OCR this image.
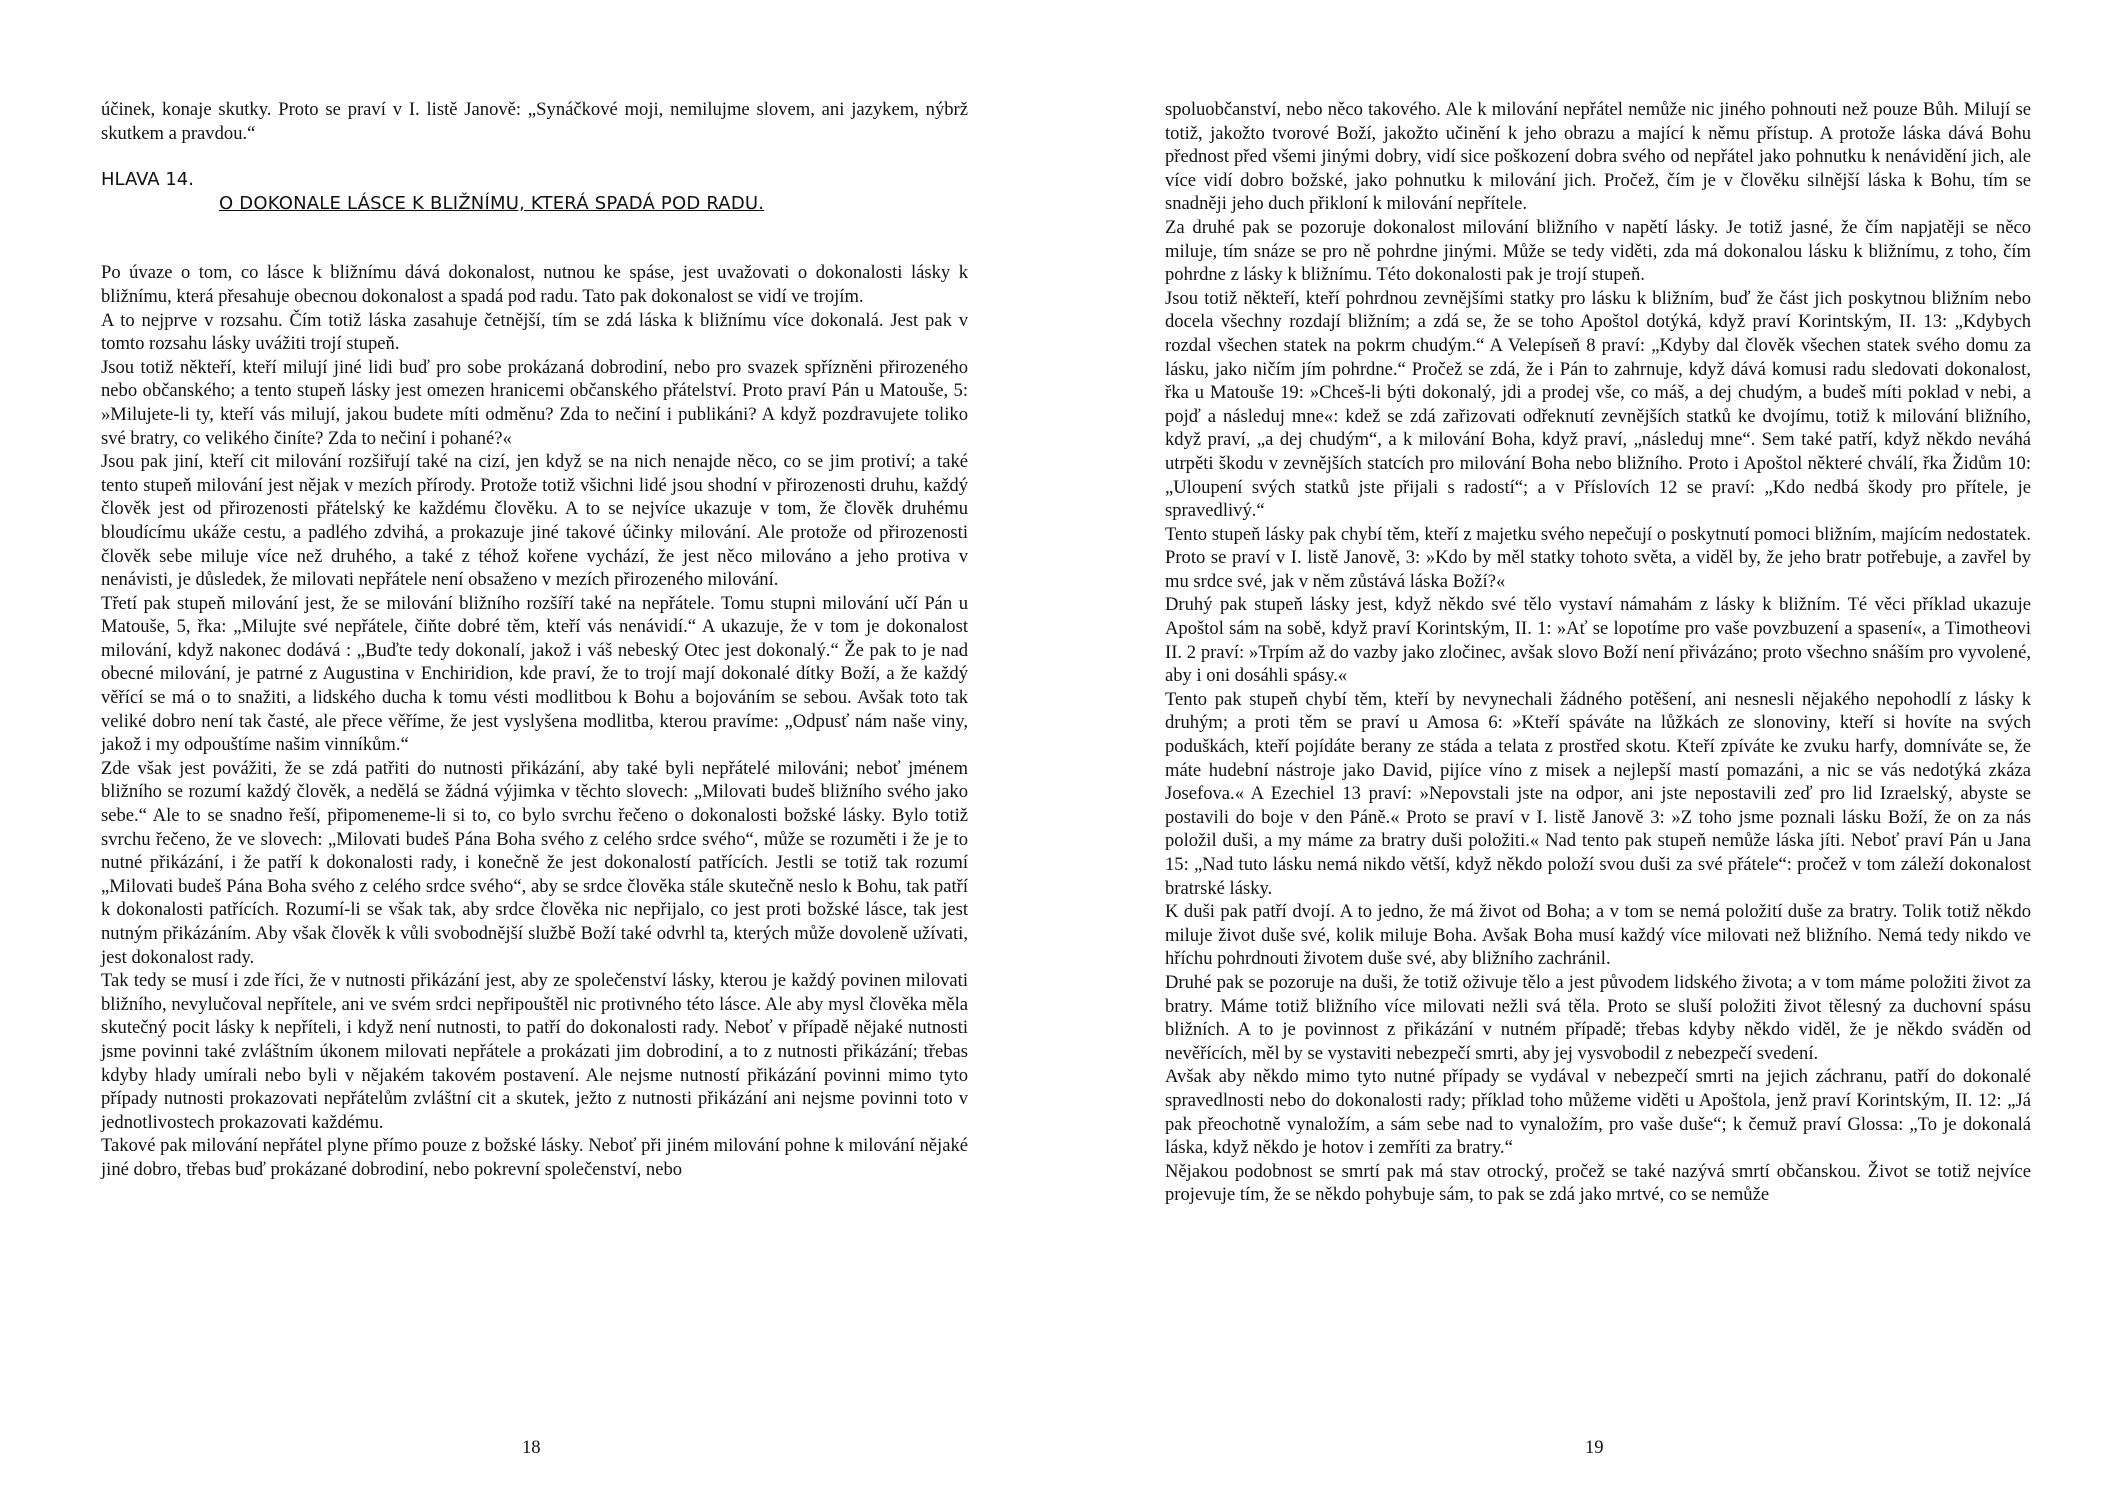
účinek, konaje skutky. Proto se praví v I. listě Janově: „Synáčkové moji, nemilujme slovem, ani jazykem, nýbrž skutkem a pravdou.“

HLAVA 14.

O DOKONALE LÁSCE K BLIŽNÍMU, KTERÁ SPADÁ POD RADU.

Po úvaze o tom, co lásce k bližnímu dává dokonalost, nutnou ke spáse, jest uvažovati o dokonalosti lásky k bližnímu, která přesahuje obecnou dokonalost a spadá pod radu. Tato pak dokonalost se vidí ve trojím.

A to nejprve v rozsahu. Čím totiž láska zasahuje četnější, tím se zdá láska k bližnímu více dokonalá. Jest pak v tomto rozsahu lásky uvážiti trojí stupeň.

Jsou totiž někteří, kteří milují jiné lidi buď pro sobe prokázaná dobrodiní, nebo pro svazek spřízněnі přirozeného nebo občanského; a tento stupeň lásky jest omezen hranicemi občanského přátelství. Proto praví Pán u Matouše, 5: »Milujete-li ty, kteří vás milují, jakou budete míti odměnu? Zda to nečiní i publikáni? A když pozdravujete toliko své bratry, co velikého činíte? Zda to nečiní i pohané?«

Jsou pak jiní, kteří cit milování rozšiřují také na cizí, jen když se na nich nenajde něco, co se jim protiví; a také tento stupeň milování jest nějak v mezích přírody. Protože totiž všichni lidé jsou shodní v přirozenosti druhu, každý člověk jest od přirozenosti přátelský ke každému člověku. A to se nejvíce ukazuje v tom, že člověk druhému bloudícímu ukáže cestu, a padlého zdvihá, a prokazuje jiné takové účinky milování. Ale protože od přirozenosti člověk sebe miluje více než druhého, a také z téhož kořene vychází, že jest něco milováno a jeho protiva v nenávisti, je důsledek, že milovati nepřátele není obsaženo v mezích přirozeného milování.

Třetí pak stupeň milování jest, že se milování bližního rozšíří také na nepřátele. Tomu stupni milování učí Pán u Matouše, 5, řka: „Milujte své nepřátele, čiňte dobré těm, kteří vás nenávidí.“ A ukazuje, že v tom je dokonalost milování, když nakonec dodává : „Buďte tedy dokonalí, jakož i váš nebeský Otec jest dokonalý.“ Že pak to je nad obecné milování, je patrné z Augustina v Enchiridion, kde praví, že to trojí mají dokonalé dítky Boží, a že každý věřící se má o to snažiti, a lidského ducha k tomu vésti modlitbou k Bohu a bojováním se sebou. Avšak toto tak veliké dobro není tak časté, ale přece věříme, že jest vyslyšena modlitba, kterou pravíme: „Odpusť nám naše viny, jakož i my odpouštíme našim vinníkům.“

Zde však jest povážiti, že se zdá patřiti do nutnosti přikázání, aby také byli nepřátelé milováni; neboť jménem bližního se rozumí každý člověk, a nedělá se žádná výjimka v těchto slovech: „Milovati budeš bližního svého jako sebe.“ Ale to se snadno řeší, připomeneme-li si to, co bylo svrchu řečeno o dokonalosti božské lásky. Bylo totiž svrchu řečeno, že ve slovech: „Milovati budeš Pána Boha svého z celého srdce svého“, může se rozuměti i že je to nutné přikázání, i že patří k dokonalosti rady, i konečně že jest dokonalostí patřících. Jestli se totiž tak rozumí „Milovati budeš Pána Boha svého z celého srdce svého“, aby se srdce člověka stále skutečně neslo k Bohu, tak patří k dokonalosti patřících. Rozumí-li se však tak, aby srdce člověka nic nepřijalo, co jest proti božské lásce, tak jest nutným přikázáním. Aby však člověk k vůli svobodnější službě Boží také odvrhl ta, kterých může dovoleně užívati, jest dokonalost rady.

Tak tedy se musí i zde říci, že v nutnosti přikázání jest, aby ze společenství lásky, kterou je každý povinen milovati bližního, nevylučoval nepřítele, ani ve svém srdci nepřipouštěl nic protivného této lásce. Ale aby mysl člověka měla skutečný pocit lásky k nepříteli, i když není nutnosti, to patří do dokonalosti rady. Neboť v případě nějaké nutnosti jsme povinni také zvláštním úkonem milovati nepřátele a prokázati jim dobrodiní, a to z nutnosti přikázání; třebas kdyby hlady umírali nebo byli v nějakém takovém postavení. Ale nejsme nutností přikázání povinni mimo tyto případy nutnosti prokazovati nepřátelům zvláštní cit a skutek, ježto z nutnosti přikázání ani nejsme povinni toto v jednotlivostech prokazovati každému.

Takové pak milování nepřátel plyne přímo pouze z božské lásky. Neboť při jiném milování pohne k milování nějaké jiné dobro, třebas buď prokázané dobrodiní, nebo pokrevní společenství, nebo

spoluobčanství, nebo něco takového. Ale k milování nepřátel nemůže nic jiného pohnouti než pouze Bůh. Milují se totiž, jakožto tvorové Boží, jakožto učinění k jeho obrazu a mající k němu přístup. A protože láska dává Bohu přednost před všemi jinými dobry, vidí sice poškození dobra svého od nepřátel jako pohnutku k nenávidění jich, ale více vidí dobro božské, jako pohnutku k milování jich. Pročež, čím je v člověku silnější láska k Bohu, tím se snadněji jeho duch přikloní k milování nepřítele.

Za druhé pak se pozoruje dokonalost milování bližního v napětí lásky. Je totiž jasné, že čím napjatěji se něco miluje, tím snáze se pro ně pohrdne jinými. Může se tedy viděti, zda má dokonalou lásku k bližnímu, z toho, čím pohrdne z lásky k bližnímu. Této dokonalosti pak je trojí stupeň.

Jsou totiž někteří, kteří pohrdnou zevnějšími statky pro lásku k bližním, buď že část jich poskytnou bližním nebo docela všechny rozdají bližním; a zdá se, že se toho Apoštol dotýká, když praví Korintským, II. 13: „Kdybych rozdal všechen statek na pokrm chudým.“ A Velepíseň 8 praví: „Kdyby dal člověk všechen statek svého domu za lásku, jako ničím jím pohrdne.“ Pročež se zdá, že i Pán to zahrnuje, když dává komusi radu sledovati dokonalost, řka u Matouše 19: »Chceš-li býti dokonalý, jdi a prodej vše, co máš, a dej chudým, a budeš míti poklad v nebi, a pojď a následuj mne«: kdež se zdá zařizovati odřeknutí zevnějších statků ke dvojímu, totiž k milování bližního, když praví, „a dej chudým“, a k milování Boha, když praví, „následuj mne“. Sem také patří, když někdo neváhá utrpěti škodu v zevnějších statcích pro milování Boha nebo bližního. Proto i Apoštol některé chválí, řka Židům 10: „Uloupení svých statků jste přijali s radostí“; a v Příslovích 12 se praví: „Kdo nedbá škody pro přítele, je spravedlivý.“

Tento stupeň lásky pak chybí těm, kteří z majetku svého nepečují o poskytnutí pomoci bližním, majícím nedostatek. Proto se praví v I. listě Janově, 3: »Kdo by měl statky tohoto světa, a viděl by, že jeho bratr potřebuje, a zavřel by mu srdce své, jak v něm zůstává láska Boží?«

Druhý pak stupeň lásky jest, když někdo své tělo vystaví námahám z lásky k bližním. Té věci příklad ukazuje Apoštol sám na sobě, když praví Korintským, II. 1: »Ať se lopotíme pro vaše povzbuzení a spasení«, a Timotheovi II. 2 praví: »Trpím až do vazby jako zločinec, avšak slovo Boží není přivázáno; proto všechno snáším pro vyvolené, aby i oni dosáhli spásy.«

Tento pak stupeň chybí těm, kteří by nevynechali žádného potěšení, ani nesnesli nějakého nepohodlí z lásky k druhým; a proti těm se praví u Amosa 6: »Kteří spáváte na lůžkách ze slonoviny, kteří si hovíte na svých poduškách, kteří pojídáte berany ze stáda a telata z prostřed skotu. Kteří zpíváte ke zvuku harfy, domníváte se, že máte hudební nástroje jako David, pijíce víno z misek a nejlepší mastí pomazáni, a nic se vás nedotýká zkáza Josefova.« A Ezechiel 13 praví: »Nepovstali jste na odpor, ani jste nepostavili zeď pro lid Izraelský, abyste se postavili do boje v den Páně.« Proto se praví v I. listě Janově 3: »Z toho jsme poznali lásku Boží, že on za nás položil duši, a my máme za bratry duši položiti.« Nad tento pak stupeň nemůže láska jíti. Neboť praví Pán u Jana 15: „Nad tuto lásku nemá nikdo větší, když někdo položí svou duši za své přátele“: pročež v tom záleží dokonalost bratrské lásky.

K duši pak patří dvojí. A to jedno, že má život od Boha; a v tom se nemá položití duše za bratry. Tolik totiž někdo miluje život duše své, kolik miluje Boha. Avšak Boha musí každý více milovati než bližního. Nemá tedy nikdo ve hříchu pohrdnouti životem duše své, aby bližního zachránil.

Druhé pak se pozoruje na duši, že totiž oživuje tělo a jest původem lidského života; a v tom máme položiti život za bratry. Máme totiž bližního více milovati nežli svá těla. Proto se sluší položiti život tělesný za duchovní spásu bližních. A to je povinnost z přikázání v nutném případě; třebas kdyby někdo viděl, že je někdo sváděn od nevěřících, měl by se vystaviti nebezpečí smrti, aby jej vysvobodil z nebezpečí svedení.

Avšak aby někdo mimo tyto nutné případy se vydával v nebezpečí smrti na jejich záchranu, patří do dokonalé spravedlnosti nebo do dokonalosti rady; příklad toho můžeme viděti u Apoštola, jenž praví Korintským, II. 12: „Já pak přeochotně vynaložím, a sám sebe nad to vynaložím, pro vaše duše“; k čemuž praví Glossa: „To je dokonalá láska, když někdo je hotov i zemříti za bratry.“

Nějakou podobnost se smrtí pak má stav otrocký, pročež se také nazývá smrtí občanskou. Život se totiž nejvíce projevuje tím, že se někdo pohybuje sám, to pak se zdá jako mrtvé, co se nemůže

18	19
